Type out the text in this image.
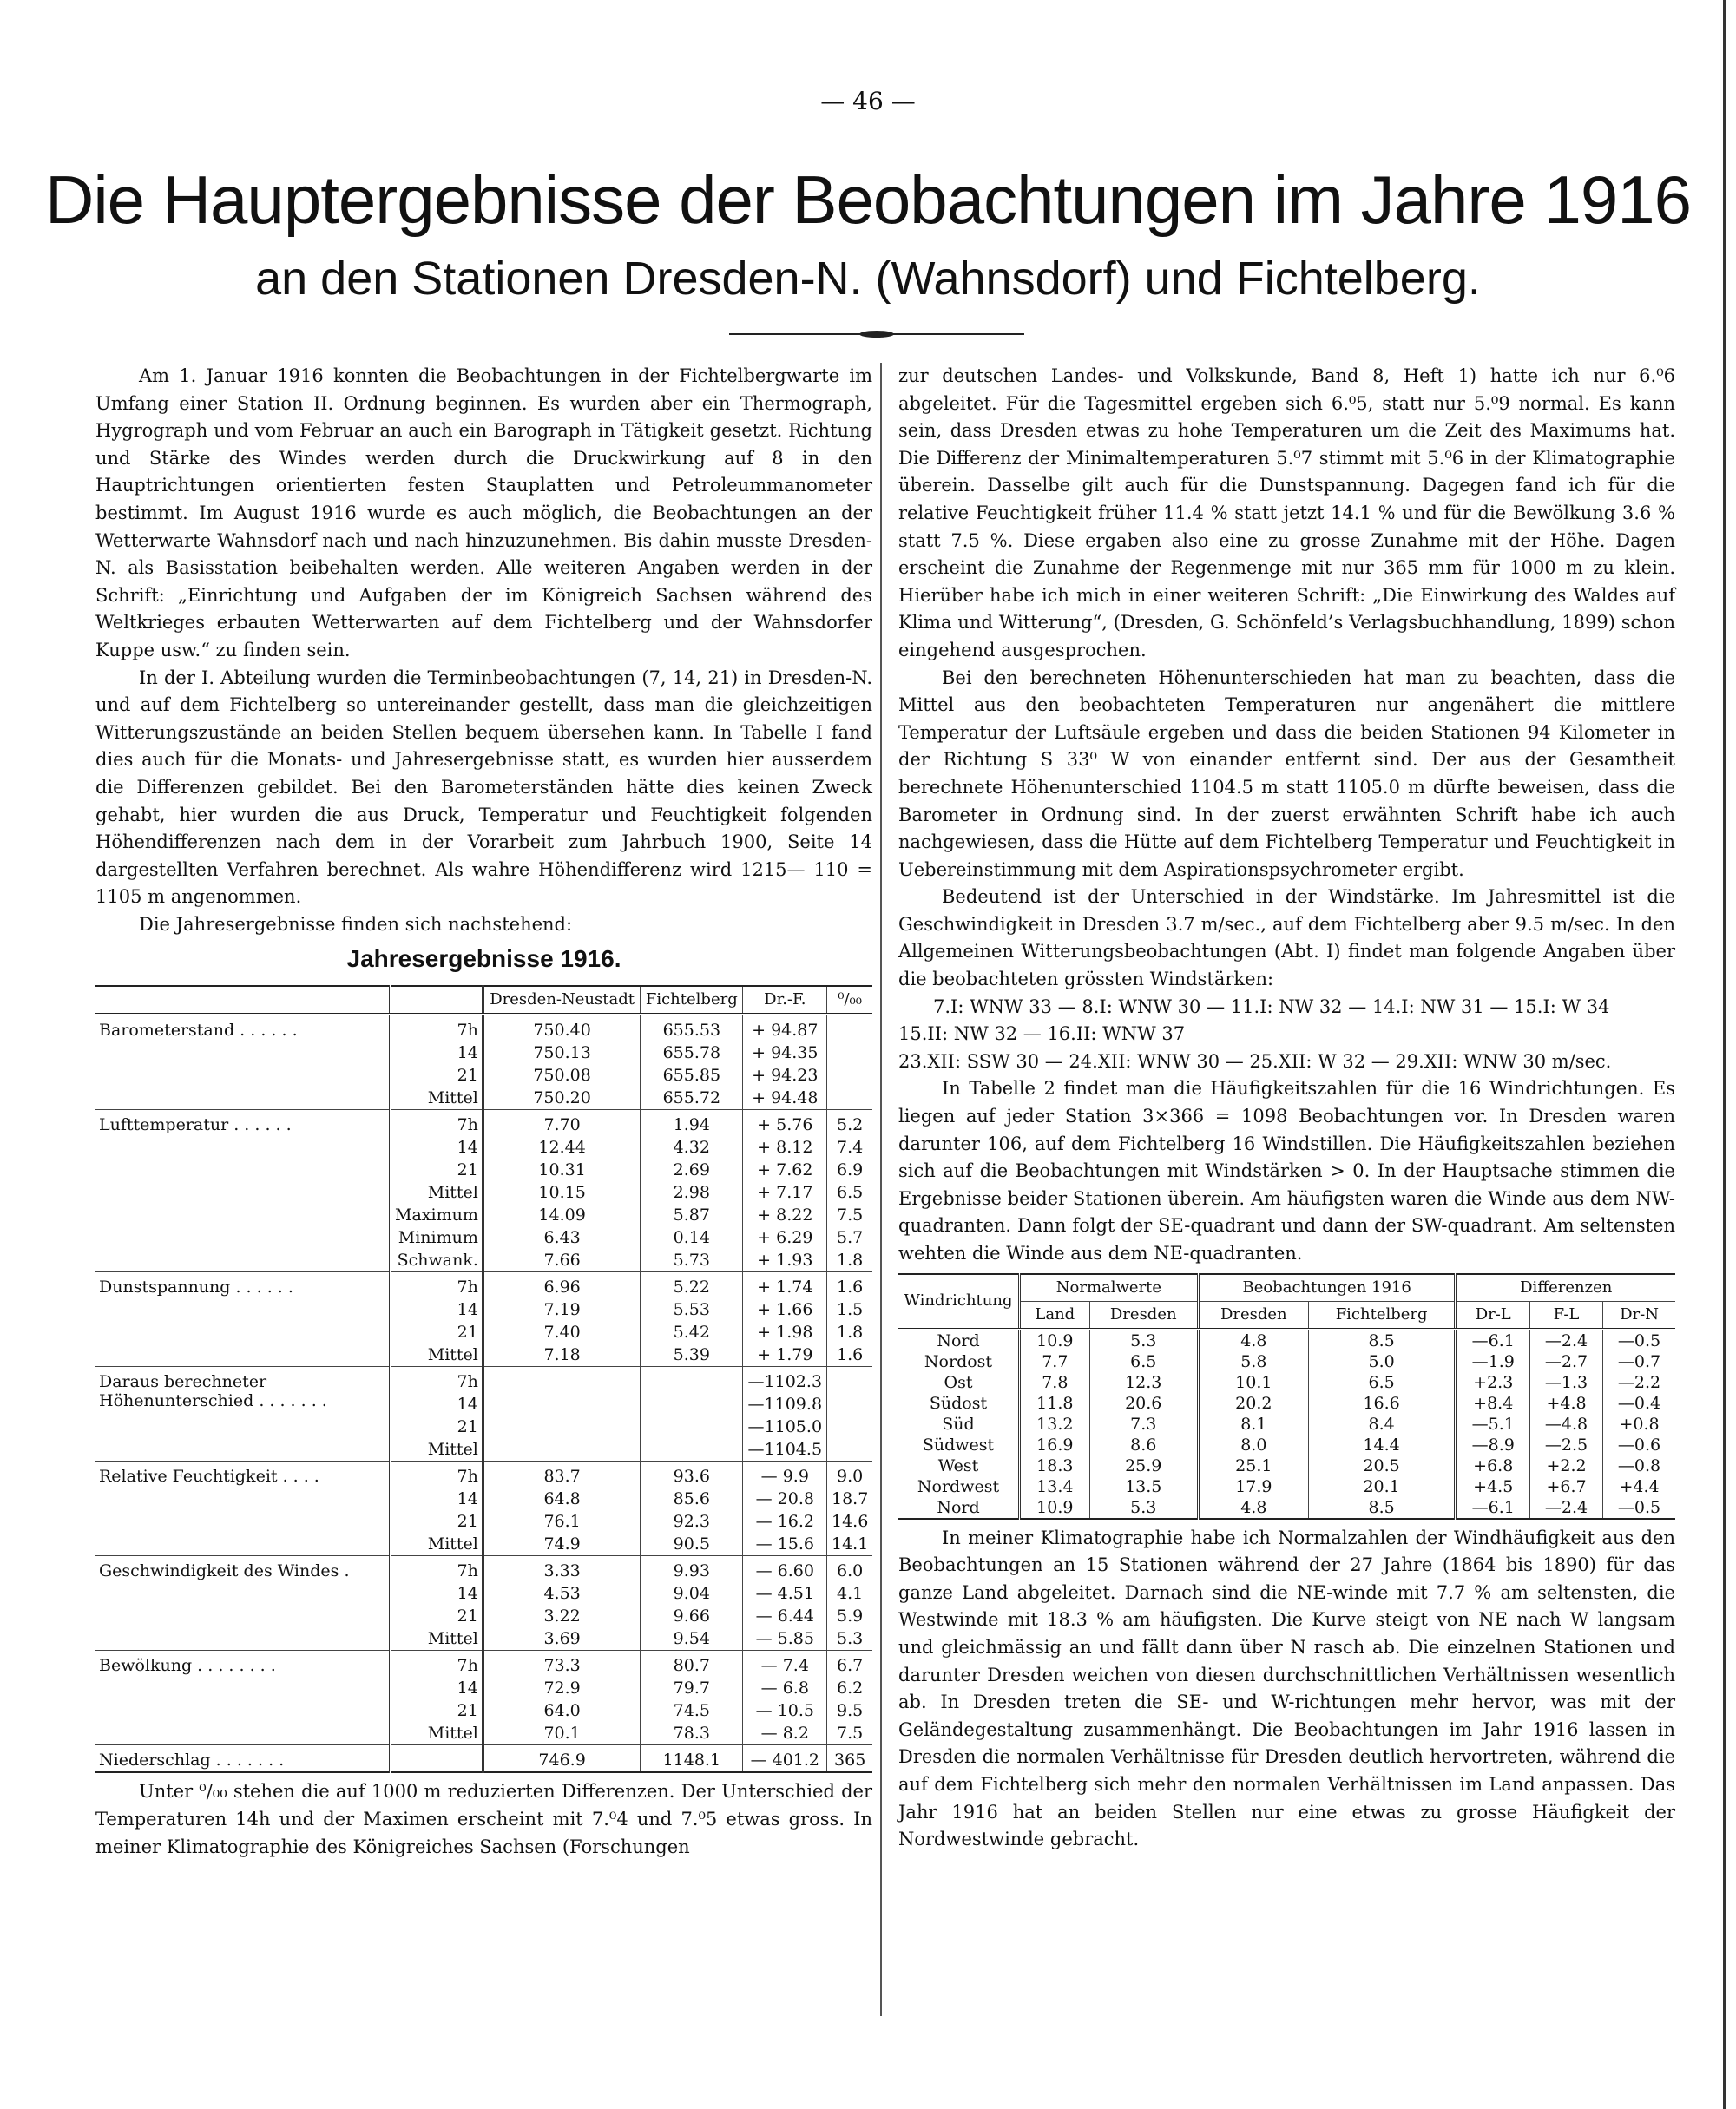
— 46 —
Die Hauptergebnisse der Beobachtungen im Jahre 1916
an den Stationen Dresden-N. (Wahnsdorf) und Fichtelberg.

Am 1. Januar 1916 konnten die Beobachtungen in der Fichtelbergwarte im Umfang einer Station II. Ordnung beginnen. Es wurden aber ein Thermograph, Hygrograph und vom Februar an auch ein Barograph in Tätigkeit gesetzt. Richtung und Stärke des Windes werden durch die Druckwirkung auf 8 in den Hauptrichtungen orientierten festen Stauplatten und Petroleummanometer bestimmt. Im August 1916 wurde es auch möglich, die Beobachtungen an der Wetterwarte Wahnsdorf nach und nach hinzuzunehmen. Bis dahin musste Dresden-N. als Basisstation beibehalten werden. Alle weiteren Angaben werden in der Schrift: „Einrichtung und Aufgaben der im Königreich Sachsen während des Weltkrieges erbauten Wetterwarten auf dem Fichtelberg und der Wahnsdorfer Kuppe usw.“ zu finden sein.

In der I. Abteilung wurden die Terminbeobachtungen (7, 14, 21) in Dresden-N. und auf dem Fichtelberg so untereinander gestellt, dass man die gleichzeitigen Witterungszustände an beiden Stellen bequem übersehen kann. In Tabelle I fand dies auch für die Monats- und Jahresergebnisse statt, es wurden hier ausserdem die Differenzen gebildet. Bei den Barometerständen hätte dies keinen Zweck gehabt, hier wurden die aus Druck, Temperatur und Feuchtigkeit folgenden Höhendifferenzen nach dem in der Vorarbeit zum Jahrbuch 1900, Seite 14 dargestellten Verfahren berechnet. Als wahre Höhendifferenz wird 1215— 110 = 1105 m angenommen.

Die Jahresergebnisse finden sich nachstehend:

Jahresergebnisse 1916.
		Dresden-Neustadt	Fichtelberg	Dr.-F.	⁰/₀₀
Barometerstand . . . . . .	7h	750.40	655.53	+ 94.87	
	14	750.13	655.78	+ 94.35	
	21	750.08	655.85	+ 94.23	
	Mittel	750.20	655.72	+ 94.48	
Lufttemperatur . . . . . .	7h	7.70	1.94	+ 5.76	5.2
	14	12.44	4.32	+ 8.12	7.4
	21	10.31	2.69	+ 7.62	6.9
	Mittel	10.15	2.98	+ 7.17	6.5
	Maximum	14.09	5.87	+ 8.22	7.5
	Minimum	6.43	0.14	+ 6.29	5.7
	Schwank.	7.66	5.73	+ 1.93	1.8
Dunstspannung . . . . . .	7h	6.96	5.22	+ 1.74	1.6
	14	7.19	5.53	+ 1.66	1.5
	21	7.40	5.42	+ 1.98	1.8
	Mittel	7.18	5.39	+ 1.79	1.6
Daraus berechneter Höhenunterschied . . . . . . .	7h			—1102.3	
	14			—1109.8	
	21			—1105.0	
	Mittel			—1104.5	
Relative Feuchtigkeit . . . .	7h	83.7	93.6	— 9.9	9.0
	14	64.8	85.6	— 20.8	18.7
	21	76.1	92.3	— 16.2	14.6
	Mittel	74.9	90.5	— 15.6	14.1
Geschwindigkeit des Windes .	7h	3.33	9.93	— 6.60	6.0
	14	4.53	9.04	— 4.51	4.1
	21	3.22	9.66	— 6.44	5.9
	Mittel	3.69	9.54	— 5.85	5.3
Bewölkung . . . . . . . .	7h	73.3	80.7	— 7.4	6.7
	14	72.9	79.7	— 6.8	6.2
	21	64.0	74.5	— 10.5	9.5
	Mittel	70.1	78.3	— 8.2	7.5
Niederschlag . . . . . . .		746.9	1148.1	— 401.2	365

Unter ⁰/₀₀ stehen die auf 1000 m reduzierten Differenzen. Der Unterschied der Temperaturen 14h und der Maximen erscheint mit 7.⁰4 und 7.⁰5 etwas gross. In meiner Klimatographie des Königreiches Sachsen (Forschungen

zur deutschen Landes- und Volkskunde, Band 8, Heft 1) hatte ich nur 6.⁰6 abgeleitet. Für die Tagesmittel ergeben sich 6.⁰5, statt nur 5.⁰9 normal. Es kann sein, dass Dresden etwas zu hohe Temperaturen um die Zeit des Maximums hat. Die Differenz der Minimaltemperaturen 5.⁰7 stimmt mit 5.⁰6 in der Klimatographie überein. Dasselbe gilt auch für die Dunstspannung. Dagegen fand ich für die relative Feuchtigkeit früher 11.4 % statt jetzt 14.1 % und für die Bewölkung 3.6 % statt 7.5 %. Diese ergaben also eine zu grosse Zunahme mit der Höhe. Dagen erscheint die Zunahme der Regenmenge mit nur 365 mm für 1000 m zu klein. Hierüber habe ich mich in einer weiteren Schrift: „Die Einwirkung des Waldes auf Klima und Witterung“, (Dresden, G. Schönfeld’s Verlagsbuchhandlung, 1899) schon eingehend ausgesprochen.

Bei den berechneten Höhenunterschieden hat man zu beachten, dass die Mittel aus den beobachteten Temperaturen nur angenähert die mittlere Temperatur der Luftsäule ergeben und dass die beiden Stationen 94 Kilometer in der Richtung S 33⁰ W von einander entfernt sind. Der aus der Gesamtheit berechnete Höhenunterschied 1104.5 m statt 1105.0 m dürfte beweisen, dass die Barometer in Ordnung sind. In der zuerst erwähnten Schrift habe ich auch nachgewiesen, dass die Hütte auf dem Fichtelberg Temperatur und Feuchtigkeit in Uebereinstimmung mit dem Aspirationspsychrometer ergibt.

Bedeutend ist der Unterschied in der Windstärke. Im Jahresmittel ist die Geschwindigkeit in Dresden 3.7 m/sec., auf dem Fichtelberg aber 9.5 m/sec. In den Allgemeinen Witterungsbeobachtungen (Abt. I) findet man folgende Angaben über die beobachteten grössten Windstärken:

7.I: WNW 33 — 8.I: WNW 30 — 11.I: NW 32 — 14.I: NW 31 — 15.I: W 34
15.II: NW 32 — 16.II: WNW 37
23.XII: SSW 30 — 24.XII: WNW 30 — 25.XII: W 32 — 29.XII: WNW 30 m/sec.

In Tabelle 2 findet man die Häufigkeitszahlen für die 16 Windrichtungen. Es liegen auf jeder Station 3×366 = 1098 Beobachtungen vor. In Dresden waren darunter 106, auf dem Fichtelberg 16 Windstillen. Die Häufigkeitszahlen beziehen sich auf die Beobachtungen mit Windstärken > 0. In der Hauptsache stimmen die Ergebnisse beider Stationen überein. Am häufigsten waren die Winde aus dem NW-quadranten. Dann folgt der SE-quadrant und dann der SW-quadrant. Am seltensten wehten die Winde aus dem NE-quadranten.

Windrichtung	Normalwerte		Beobachtungen 1916		Differenzen		
	Land	Dresden	Dresden	Fichtelberg	Dr-L	F-L	Dr-N
Nord	10.9	5.3	4.8	8.5	—6.1	—2.4	—0.5
Nordost	7.7	6.5	5.8	5.0	—1.9	—2.7	—0.7
Ost	7.8	12.3	10.1	6.5	+2.3	—1.3	—2.2
Südost	11.8	20.6	20.2	16.6	+8.4	+4.8	—0.4
Süd	13.2	7.3	8.1	8.4	—5.1	—4.8	+0.8
Südwest	16.9	8.6	8.0	14.4	—8.9	—2.5	—0.6
West	18.3	25.9	25.1	20.5	+6.8	+2.2	—0.8
Nordwest	13.4	13.5	17.9	20.1	+4.5	+6.7	+4.4
Nord	10.9	5.3	4.8	8.5	—6.1	—2.4	—0.5

In meiner Klimatographie habe ich Normalzahlen der Windhäufigkeit aus den Beobachtungen an 15 Stationen während der 27 Jahre (1864 bis 1890) für das ganze Land abgeleitet. Darnach sind die NE-winde mit 7.7 % am seltensten, die Westwinde mit 18.3 % am häufigsten. Die Kurve steigt von NE nach W langsam und gleichmässig an und fällt dann über N rasch ab. Die einzelnen Stationen und darunter Dresden weichen von diesen durchschnittlichen Verhältnissen wesentlich ab. In Dresden treten die SE- und W-richtungen mehr hervor, was mit der Geländegestaltung zusammenhängt. Die Beobachtungen im Jahr 1916 lassen in Dresden die normalen Verhältnisse für Dresden deutlich hervortreten, während die auf dem Fichtelberg sich mehr den normalen Verhältnissen im Land anpassen. Das Jahr 1916 hat an beiden Stellen nur eine etwas zu grosse Häufigkeit der Nordwestwinde gebracht.
